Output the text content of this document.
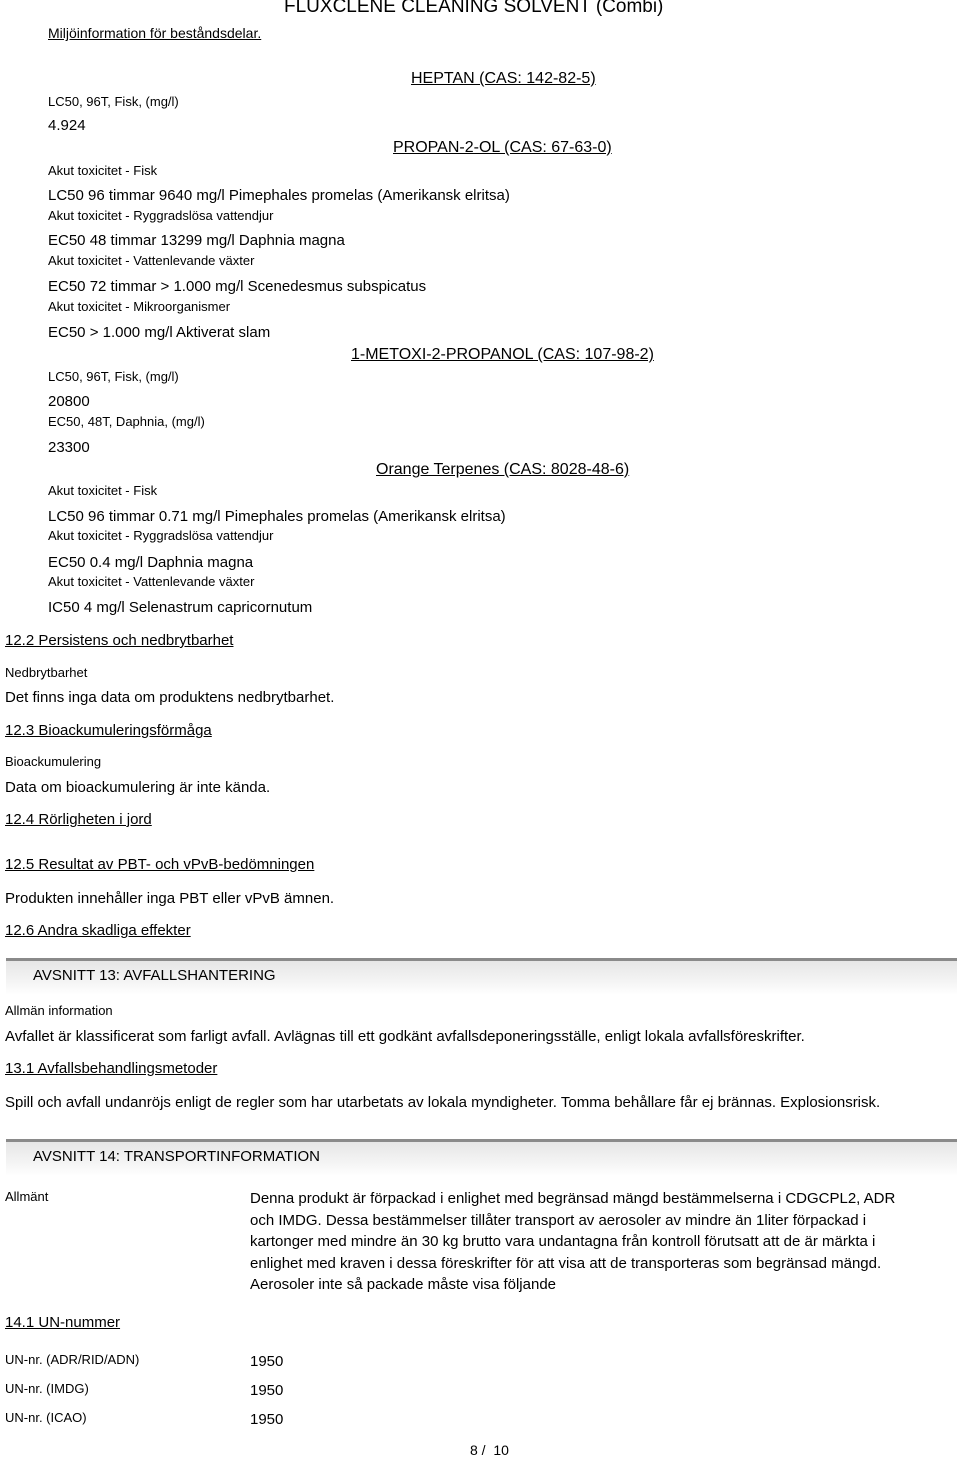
Miljöinformation för beståndsdelar.
FLUXCLENE CLEANING SOLVENT (Combi)
HEPTAN (CAS: 142-82-5)
LC50, 96T, Fisk, (mg/l)
4.924
PROPAN-2-OL (CAS: 67-63-0)
Akut toxicitet - Fisk
LC50 96 timmar 9640 mg/l Pimephales promelas (Amerikansk elritsa)
Akut toxicitet - Ryggradslösa vattendjur
EC50 48 timmar 13299 mg/l Daphnia magna
Akut toxicitet - Vattenlevande växter
EC50 72 timmar > 1.000 mg/l Scenedesmus subspicatus
Akut toxicitet - Mikroorganismer
EC50 > 1.000 mg/l Aktiverat slam
1-METOXI-2-PROPANOL (CAS: 107-98-2)
LC50, 96T, Fisk, (mg/l)
20800
EC50, 48T, Daphnia, (mg/l)
23300
Orange Terpenes (CAS: 8028-48-6)
Akut toxicitet - Fisk
LC50 96 timmar 0.71 mg/l Pimephales promelas (Amerikansk elritsa)
Akut toxicitet - Ryggradslösa vattendjur
EC50 0.4 mg/l Daphnia magna
Akut toxicitet - Vattenlevande växter
IC50 4 mg/l Selenastrum capricornutum
12.2 Persistens och nedbrytbarhet
Nedbrytbarhet
Det finns inga data om produktens nedbrytbarhet.
12.3 Bioackumuleringsförmåga
Bioackumulering
Data om bioackumulering är inte kända.
12.4 Rörligheten i jord
12.5 Resultat av PBT- och vPvB-bedömningen
Produkten innehåller inga PBT eller vPvB ämnen.
12.6 Andra skadliga effekter
AVSNITT 13: AVFALLSHANTERING
Allmän information
Avfallet är klassificerat som farligt avfall. Avlägnas till ett godkänt avfallsdeponeringsställe, enligt lokala avfallsföreskrifter.
13.1 Avfallsbehandlingsmetoder
Spill och avfall undanröjs enligt de regler som har utarbetats av lokala myndigheter. Tomma behållare får ej brännas. Explosionsrisk.
AVSNITT 14: TRANSPORTINFORMATION
Allmänt	Denna produkt är förpackad i enlighet med begränsad mängd bestämmelserna i CDGCPL2, ADR och IMDG. Dessa bestämmelser tillåter transport av aerosoler av mindre än 1liter förpackad i kartonger med mindre än 30 kg brutto vara undantagna från kontroll förutsatt att de är märkta i enlighet med kraven i dessa föreskrifter för att visa att de transporteras som begränsad mängd. Aerosoler inte så packade måste visa följande
14.1 UN-nummer
UN-nr. (ADR/RID/ADN)	1950
UN-nr. (IMDG)	1950
UN-nr. (ICAO)	1950
8 /  10
